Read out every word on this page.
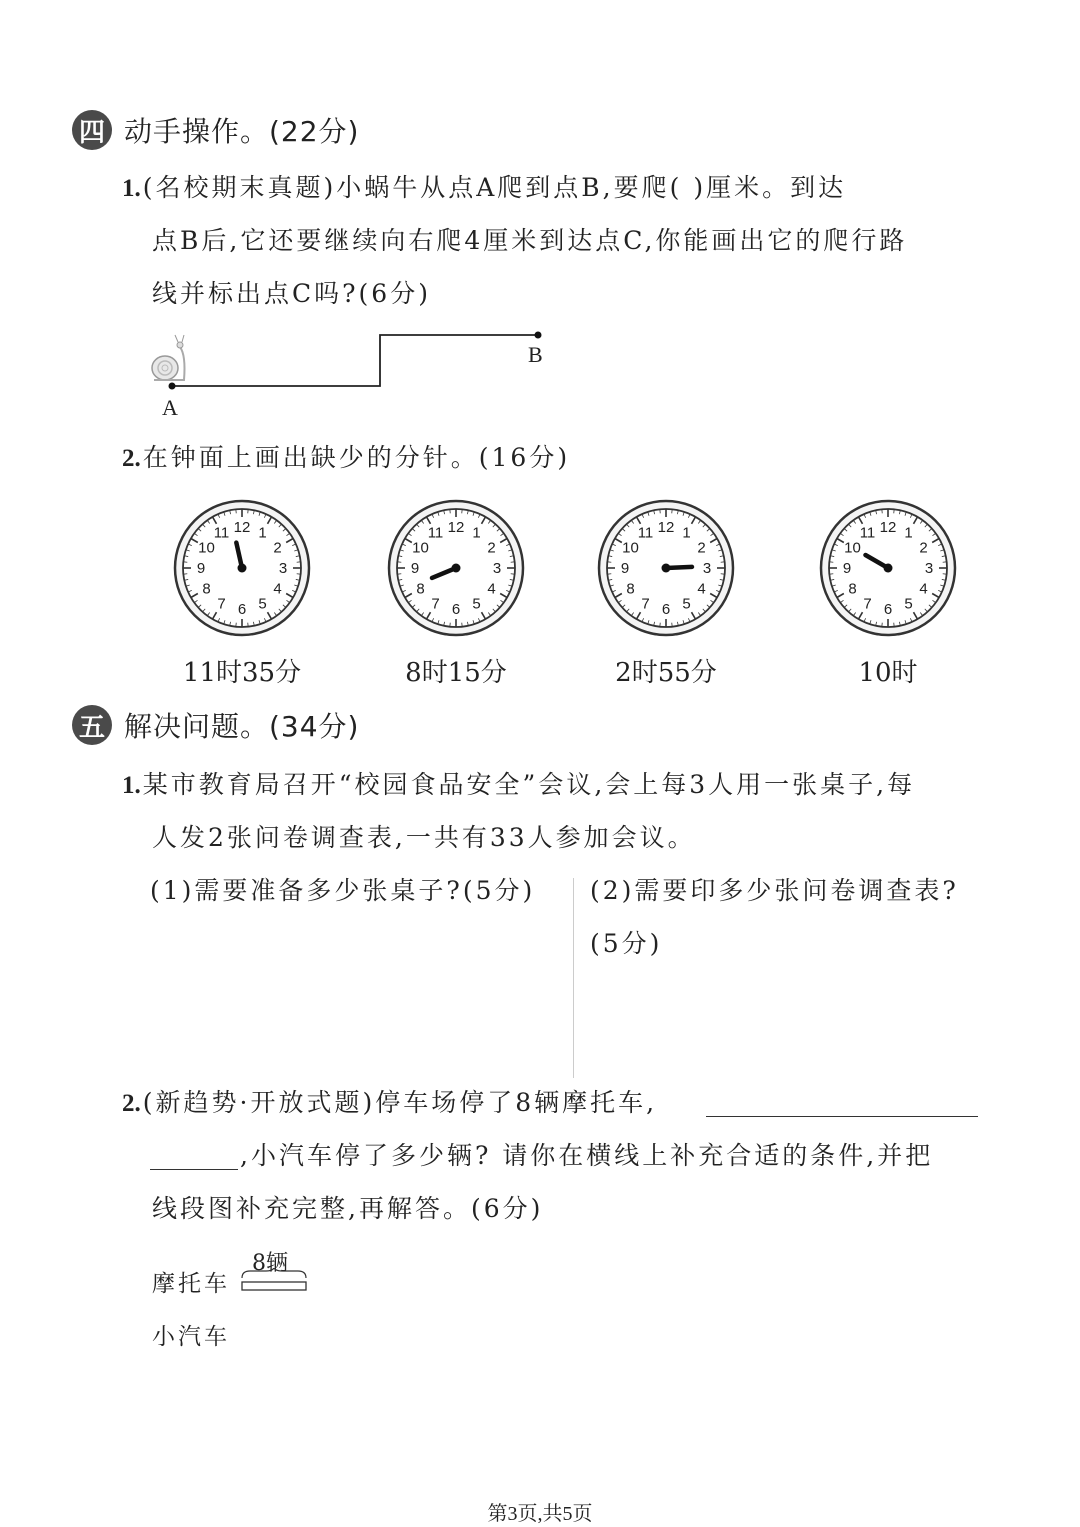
四 动手操作。(22分)
1.(名校期末真题)小蜗牛从点A爬到点B,要爬( )厘米。到达
点B后,它还要继续向右爬4厘米到达点C,你能画出它的爬行路
线并标出点C吗?(6分)
A
B
2.在钟面上画出缺少的分针。(16分)
12 1
2
3
4
5
6
7
8
9
10
11	12 1
2
3
4
5
6
7
8
9
10
11	12 1
2
3
4
5
6
7
8
9
10
11	12 1
2
3
4
5
6
7
8
9
10
11
11时35分	8时15分	2时55分	10时
五 解决问题。(34分)
1.某市教育局召开“校园食品安全”会议,会上每3人用一张桌子,每
人发2张问卷调查表,一共有33人参加会议。
(1)需要准备多少张桌子?(5分) (2)需要印多少张问卷调查表?
(5分)
2.(新趋势·开放式题)停车场停了8辆摩托车,
,小汽车停了多少辆? 请你在横线上补充合适的条件,并把
线段图补充完整,再解答。(6分)
摩托车
小汽车
8辆
第3页,共5页
